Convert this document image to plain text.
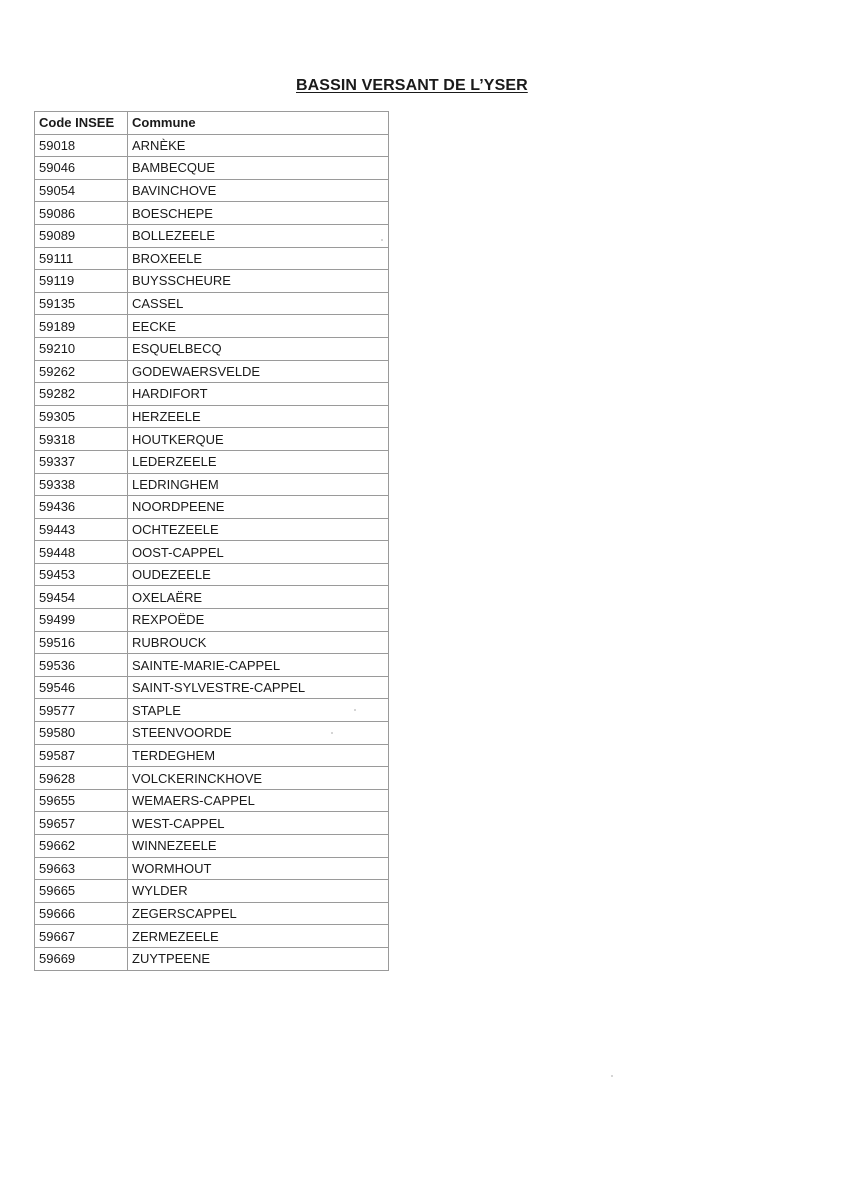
BASSIN VERSANT DE L’YSER
Code INSEE	Commune
59018	ARNÈKE
59046	BAMBECQUE
59054	BAVINCHOVE
59086	BOESCHEPE
59089	BOLLEZEELE
59111	BROXEELE
59119	BUYSSCHEURE
59135	CASSEL
59189	EECKE
59210	ESQUELBECQ
59262	GODEWAERSVELDE
59282	HARDIFORT
59305	HERZEELE
59318	HOUTKERQUE
59337	LEDERZEELE
59338	LEDRINGHEM
59436	NOORDPEENE
59443	OCHTEZEELE
59448	OOST-CAPPEL
59453	OUDEZEELE
59454	OXELAËRE
59499	REXPOËDE
59516	RUBROUCK
59536	SAINTE-MARIE-CAPPEL
59546	SAINT-SYLVESTRE-CAPPEL
59577	STAPLE
59580	STEENVOORDE
59587	TERDEGHEM
59628	VOLCKERINCKHOVE
59655	WEMAERS-CAPPEL
59657	WEST-CAPPEL
59662	WINNEZEELE
59663	WORMHOUT
59665	WYLDER
59666	ZEGERSCAPPEL
59667	ZERMEZEELE
59669	ZUYTPEENE
